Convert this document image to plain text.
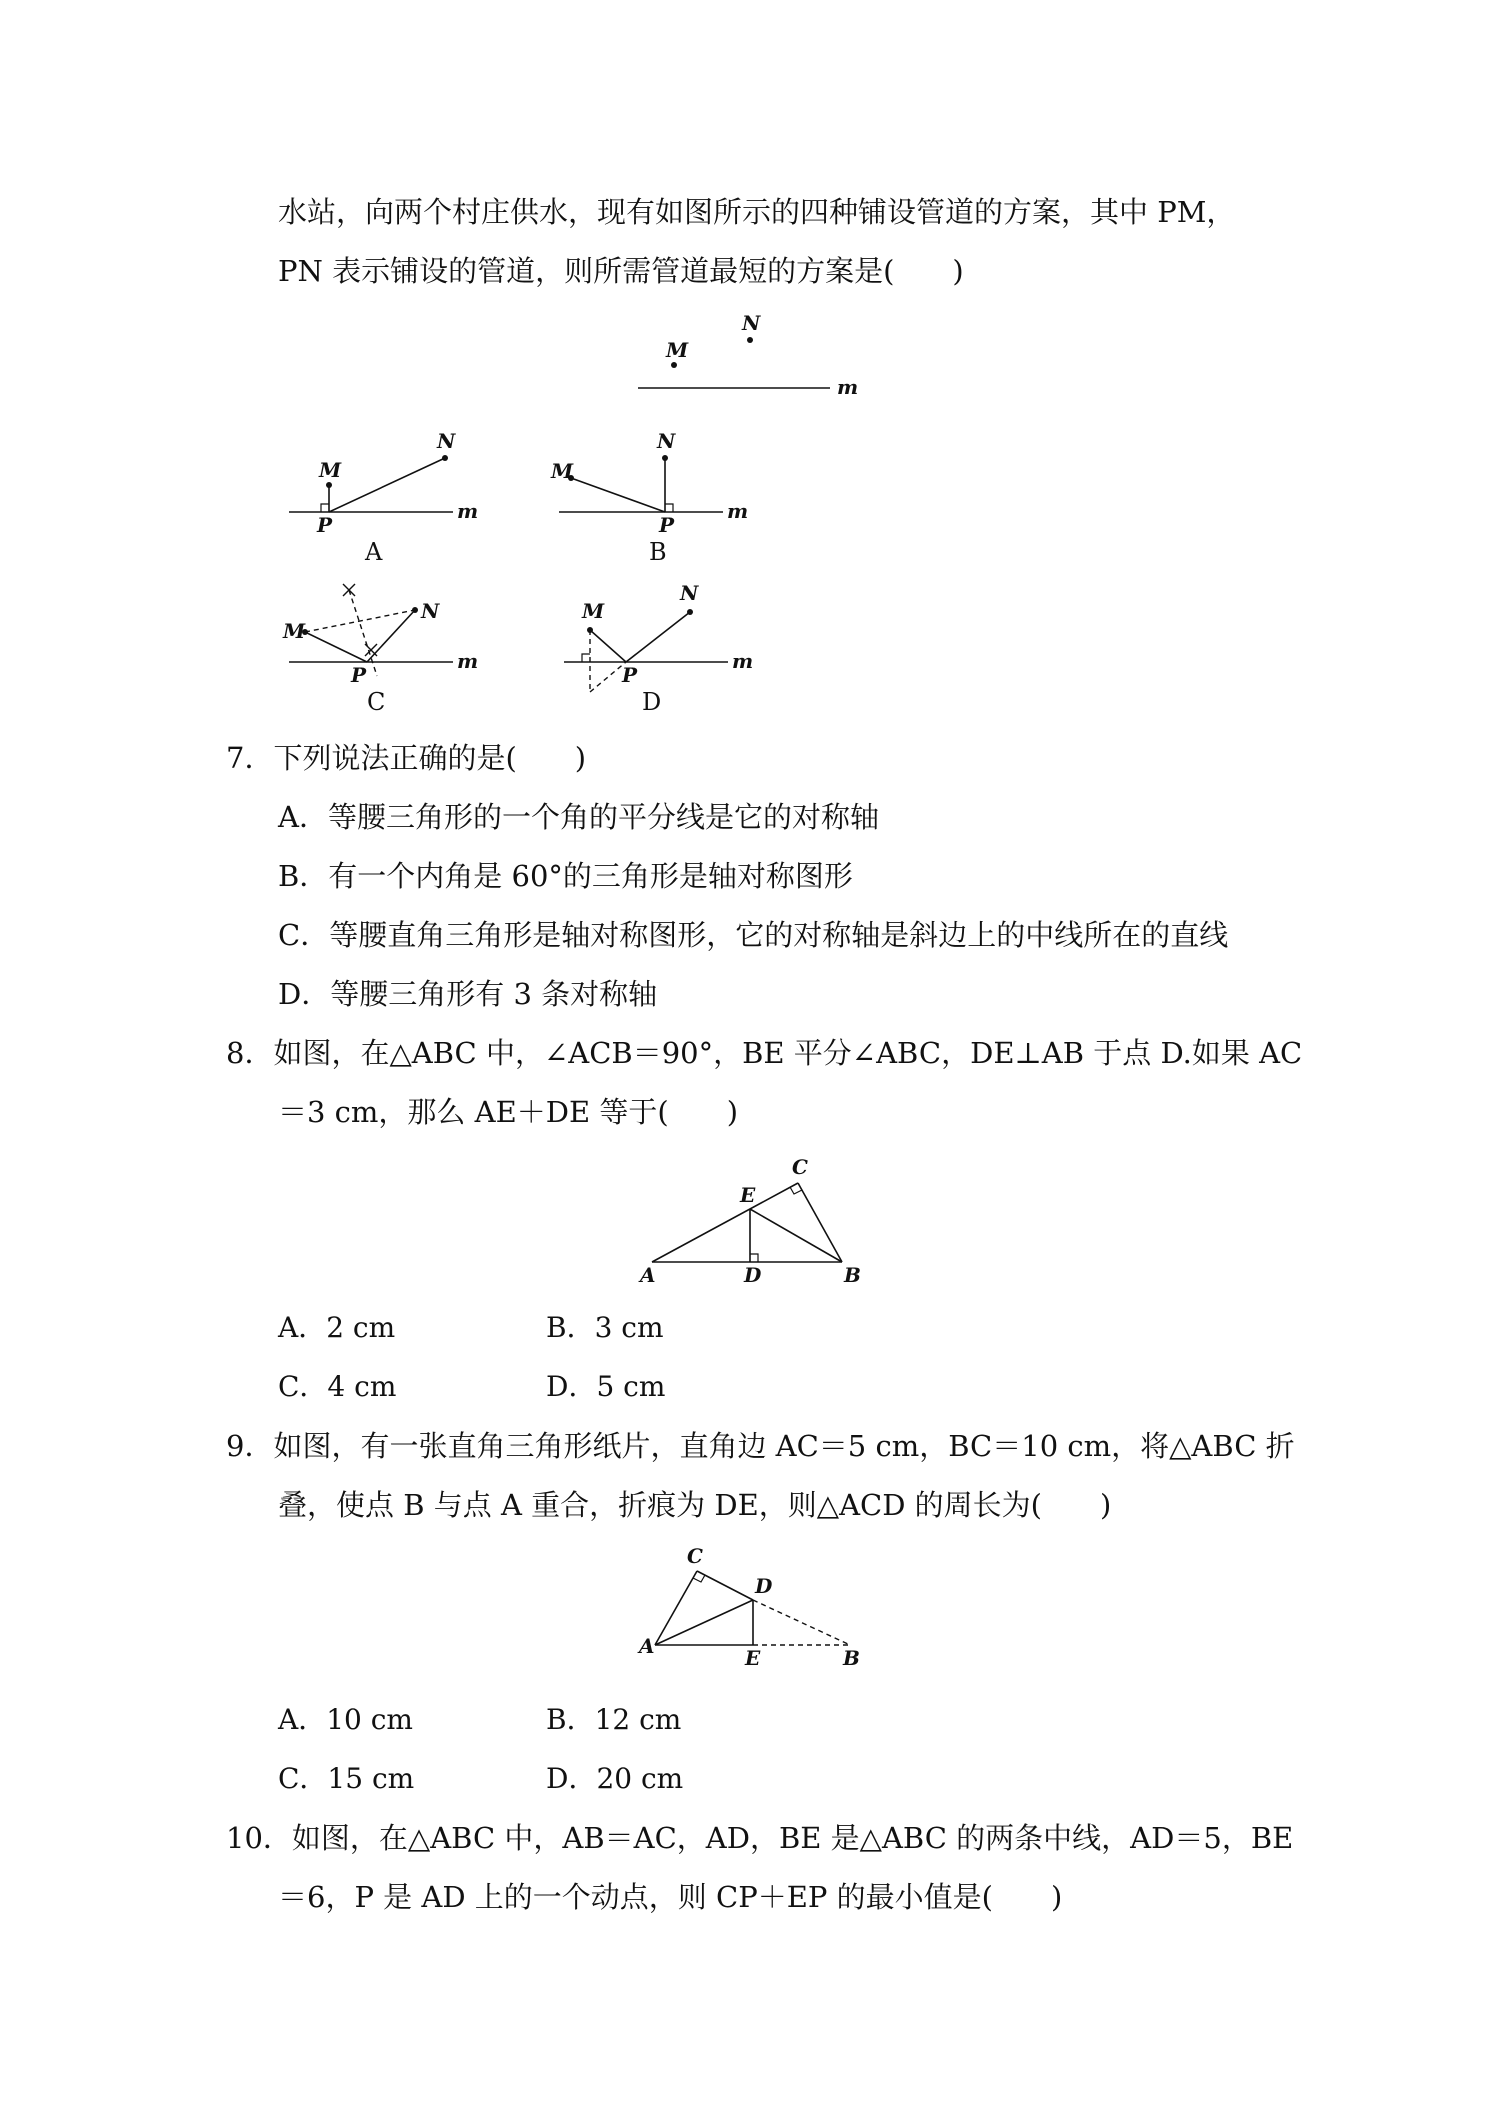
水站，向两个村庄供水，现有如图所示的四种铺设管道的方案，其中 PM，
PN 表示铺设的管道，则所需管道最短的方案是(　　)
M
N
m
M
N
P
m
A
M
N
P
m
B
M
N
P
m
C
M
N
P
m
D
7．下列说法正确的是(　　)
A．等腰三角形的一个角的平分线是它的对称轴
B．有一个内角是 60°的三角形是轴对称图形
C．等腰直角三角形是轴对称图形，它的对称轴是斜边上的中线所在的直线
D．等腰三角形有 3 条对称轴
8．如图，在△ABC 中，∠ACB＝90°，BE 平分∠ABC，DE⊥AB 于点 D.如果 AC
＝3 cm，那么 AE＋DE 等于(　　)
A	B
C
D
E
A．2 cm	B．3 cm
C．4 cm	D．5 cm
9．如图，有一张直角三角形纸片，直角边 AC＝5 cm，BC＝10 cm，将△ABC 折
叠，使点 B 与点 A 重合，折痕为 DE，则△ACD 的周长为(　　)
A	B
C
D
E
A．10 cm	B．12 cm
C．15 cm	D．20 cm
10．如图，在△ABC 中，AB＝AC，AD，BE 是△ABC 的两条中线，AD＝5，BE
＝6，P 是 AD 上的一个动点，则 CP＋EP 的最小值是(　　)
